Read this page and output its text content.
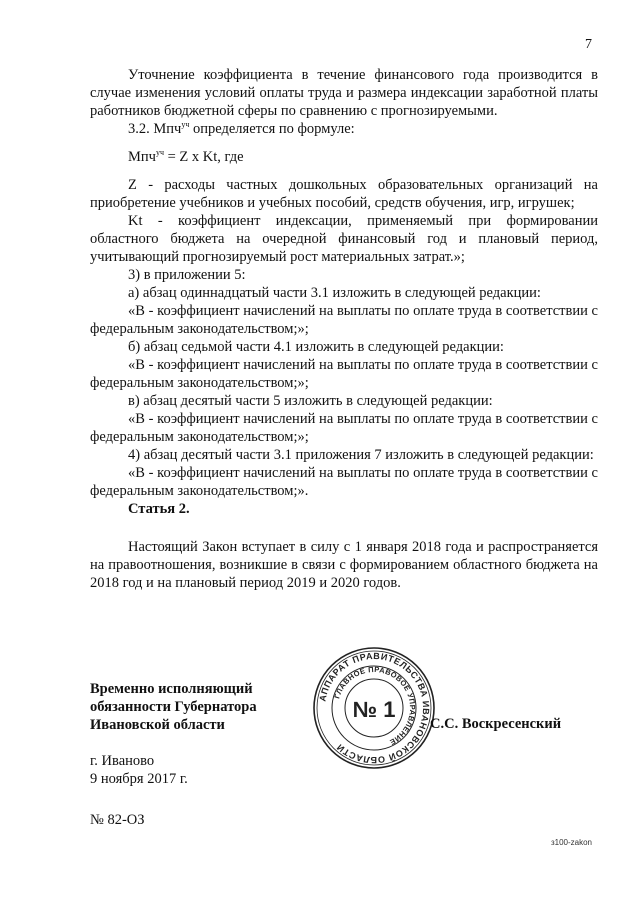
7

Уточнение коэффициента в течение финансового года производится в случае изменения условий оплаты труда и размера индексации заработной платы работников бюджетной сферы по сравнению с прогнозируемыми.

3.2. Мпч$^{уч}$ определяется по формуле:

Мпч$^{уч}$ = Z x Kt, где

Z - расходы частных дошкольных образовательных организаций на приобретение учебников и учебных пособий, средств обучения, игр, игрушек;

Kt - коэффициент индексации, применяемый при формировании областного бюджета на очередной финансовый год и плановый период, учитывающий прогнозируемый рост материальных затрат.»;

3) в приложении 5:

а) абзац одиннадцатый части 3.1 изложить в следующей редакции:

«В - коэффициент начислений на выплаты по оплате труда в соответствии с федеральным законодательством;»;

б) абзац седьмой части 4.1 изложить в следующей редакции:

«В - коэффициент начислений на выплаты по оплате труда в соответствии с федеральным законодательством;»;

в) абзац десятый части 5 изложить в следующей редакции:

«В - коэффициент начислений на выплаты по оплате труда в соответствии с федеральным законодательством;»;

4) абзац десятый части 3.1 приложения 7 изложить в следующей редакции:

«В - коэффициент начислений на выплаты по оплате труда в соответствии с федеральным законодательством;».

Статья 2.

Настоящий Закон вступает в силу с 1 января 2018 года и распространяется на правоотношения, возникшие в связи с формированием областного бюджета на 2018 год и на плановый период 2019 и 2020 годов.

Временно исполняющий
обязанности Губернатора
Ивановской области
АППАРАТ ПРАВИТЕЛЬСТВА ИВАНОВСКОЙ ОБЛАСТИ
ГЛАВНОЕ ПРАВОВОЕ УПРАВЛЕНИЕ
№ 1
С.С. Воскресенский
г. Иваново
9 ноября 2017 г.
№ 82-ОЗ
з100-zakon
